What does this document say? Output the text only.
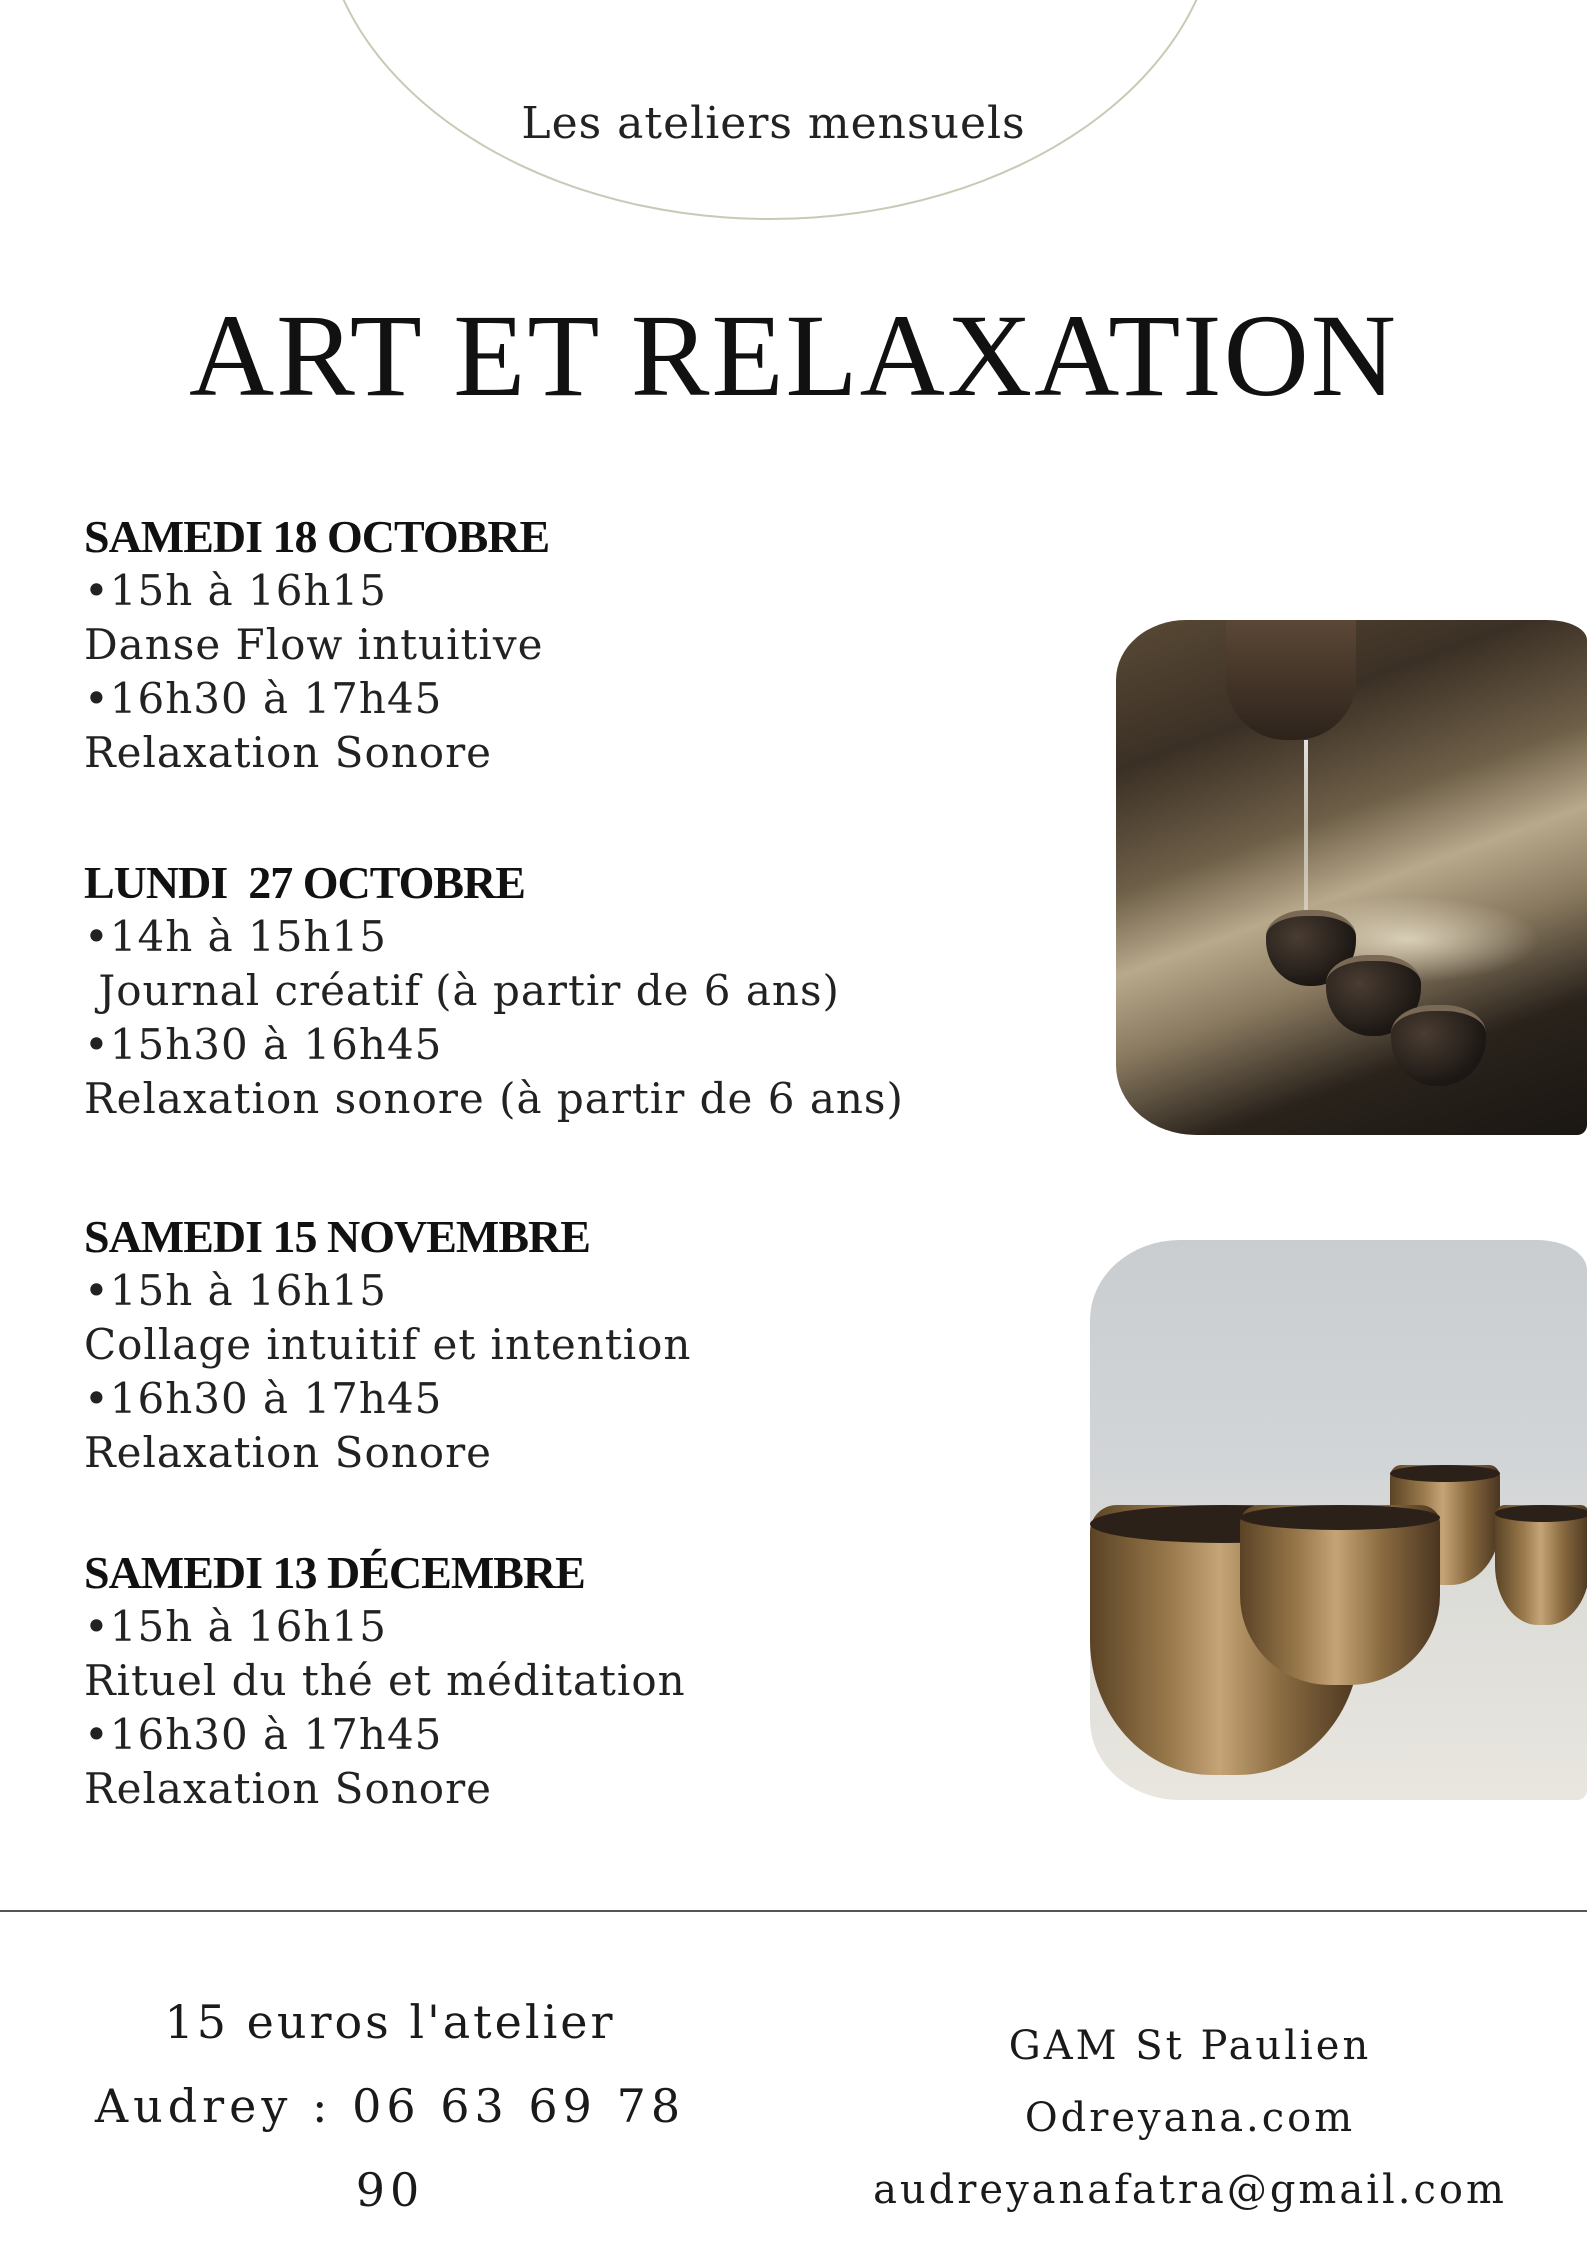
Les ateliers mensuels
ART ET RELAXATION
SAMEDI 18 OCTOBRE
•15h à 16h15
Danse Flow intuitive
•16h30 à 17h45
Relaxation Sonore
LUNDI  27 OCTOBRE
•14h à 15h15
Journal créatif (à partir de 6 ans)
•15h30 à 16h45
Relaxation sonore (à partir de 6 ans)
SAMEDI 15 NOVEMBRE
•15h à 16h15
Collage intuitif et intention
•16h30 à 17h45
Relaxation Sonore
SAMEDI 13 DÉCEMBRE
•15h à 16h15
Rituel du thé et méditation
•16h30 à 17h45
Relaxation Sonore
15 euros l'atelier
Audrey : 06 63 69 78 90
GAM St Paulien
Odreyana.com
audreyanafatra@gmail.com
